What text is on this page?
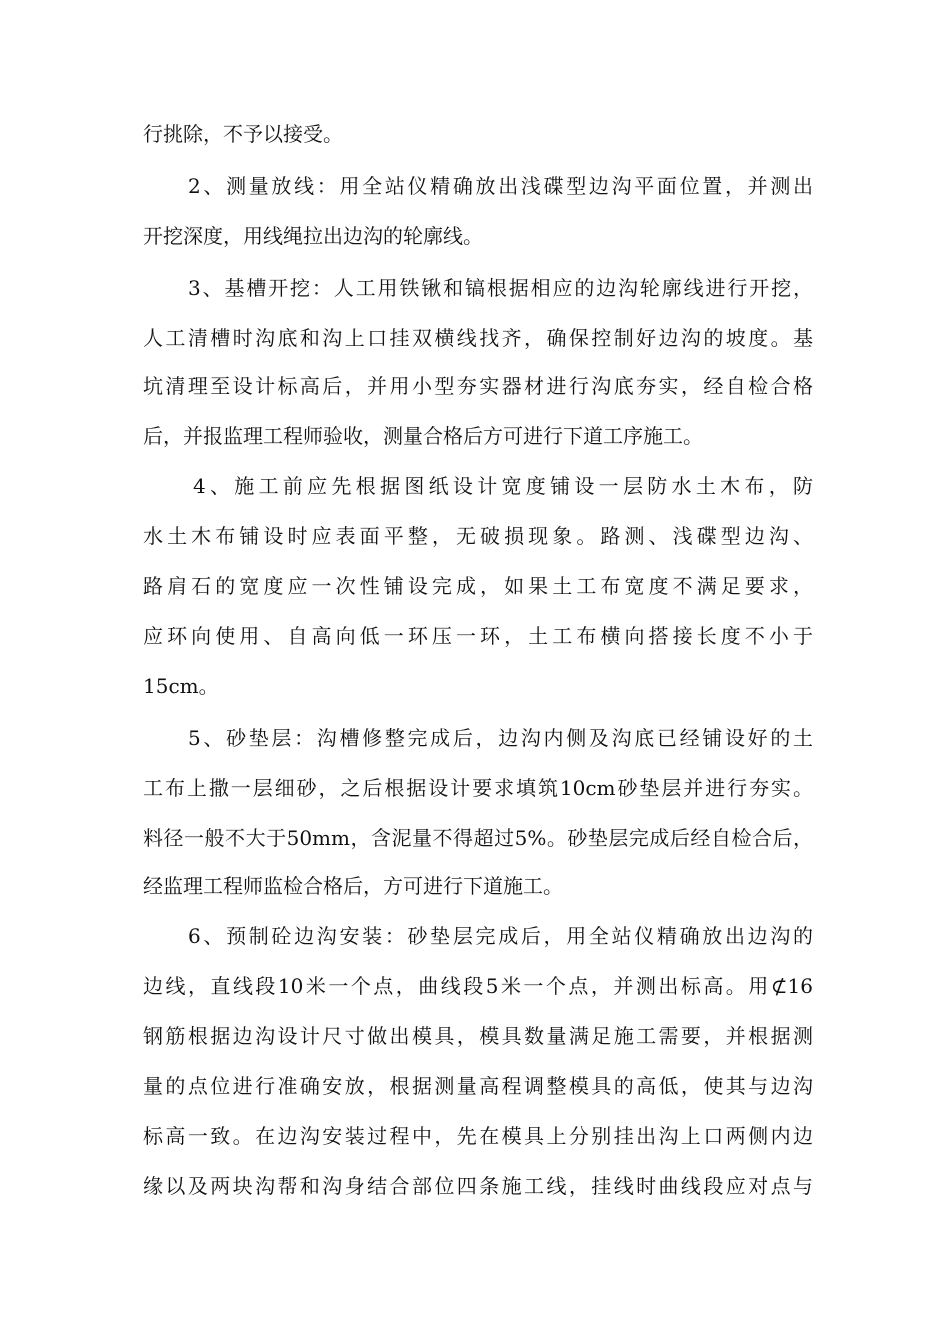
行挑除，不予以接受。
2、测量放线：用全站仪精确放出浅碟型边沟平面位置，并测出
开挖深度，用线绳拉出边沟的轮廓线。
3、基槽开挖：人工用铁锹和镐根据相应的边沟轮廓线进行开挖，
人工清槽时沟底和沟上口挂双横线找齐，确保控制好边沟的坡度。基
坑清理至设计标高后，并用小型夯实器材进行沟底夯实，经自检合格
后，并报监理工程师验收，测量合格后方可进行下道工序施工。
4、施工前应先根据图纸设计宽度铺设一层防水土木布，防
水土木布铺设时应表面平整，无破损现象。路测、浅碟型边沟、
路肩石的宽度应一次性铺设完成，如果土工布宽度不满足要求，
应环向使用、自高向低一环压一环，土工布横向搭接长度不小于
15cm。
5、砂垫层：沟槽修整完成后，边沟内侧及沟底已经铺设好的土
工布上撒一层细砂，之后根据设计要求填筑10cm砂垫层并进行夯实。
料径一般不大于50mm，含泥量不得超过5%。砂垫层完成后经自检合后，
经监理工程师监检合格后，方可进行下道施工。
6、预制砼边沟安装：砂垫层完成后，用全站仪精确放出边沟的
边线，直线段10米一个点，曲线段5米一个点，并测出标高。用⊄16
钢筋根据边沟设计尺寸做出模具，模具数量满足施工需要，并根据测
量的点位进行准确安放，根据测量高程调整模具的高低，使其与边沟
标高一致。在边沟安装过程中，先在模具上分别挂出沟上口两侧内边
缘以及两块沟帮和沟身结合部位四条施工线，挂线时曲线段应对点与
